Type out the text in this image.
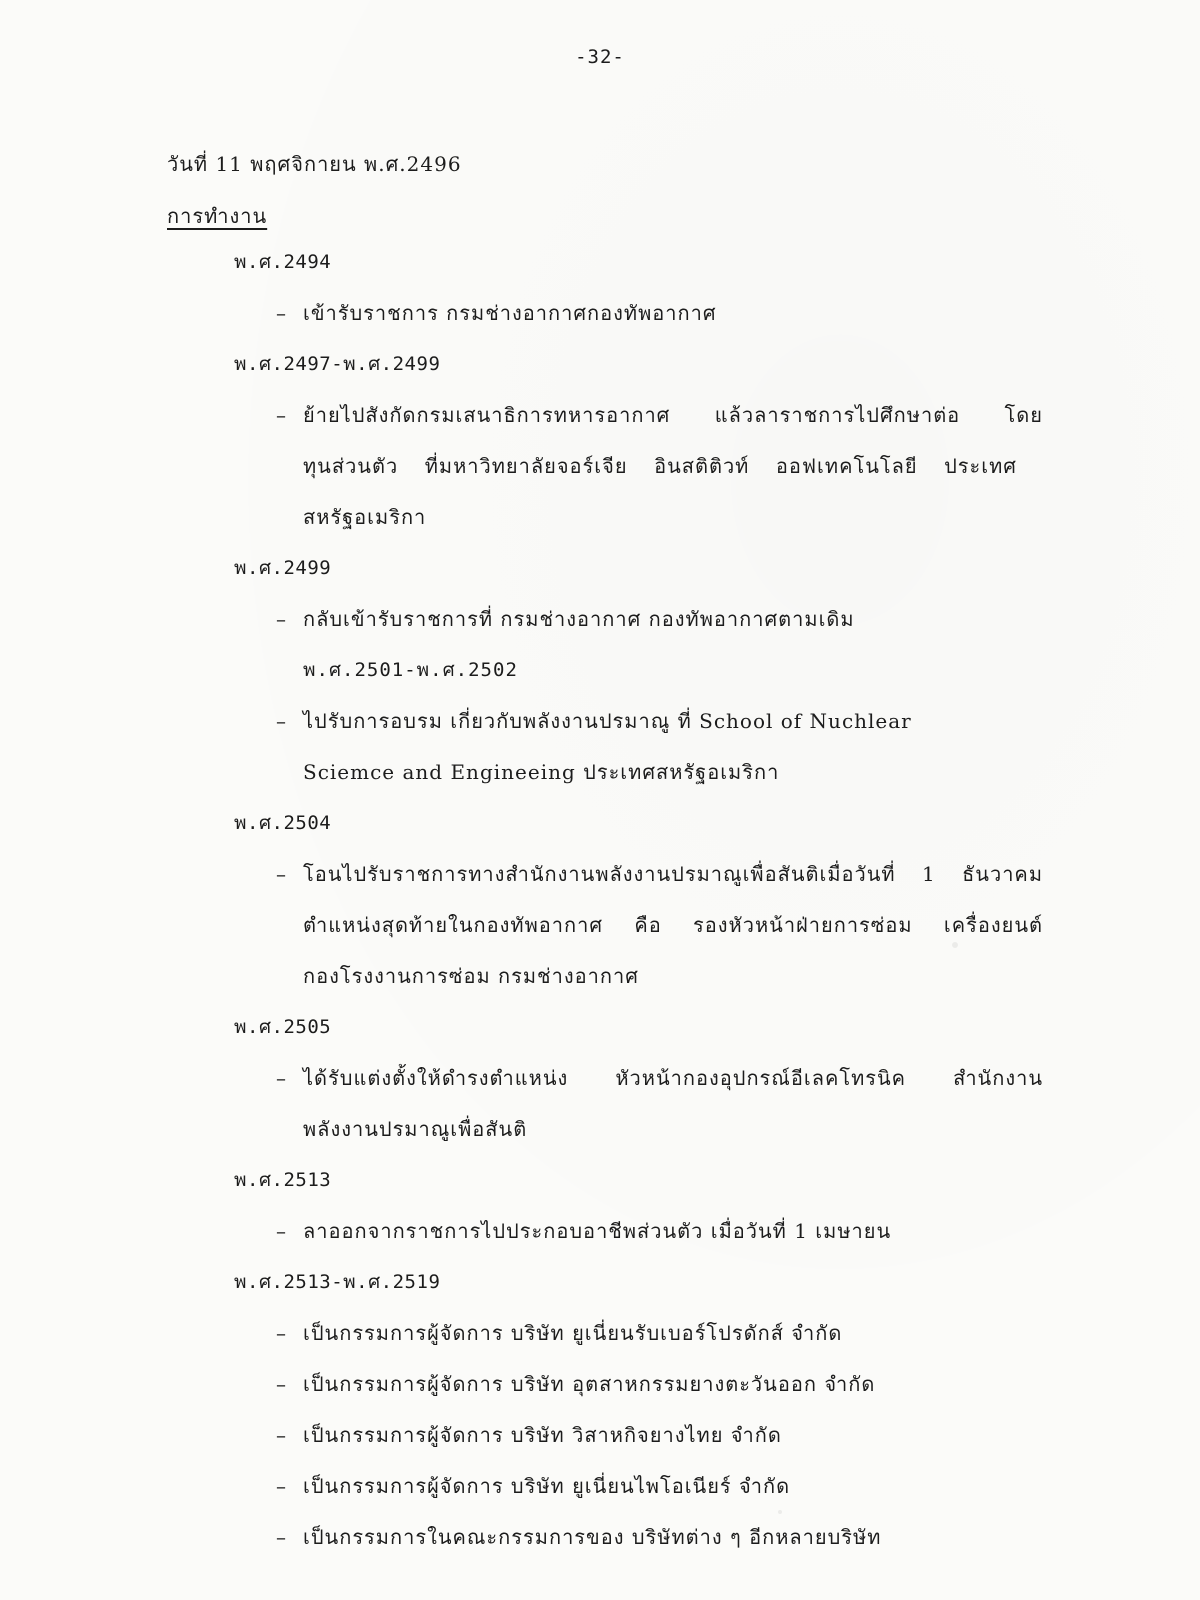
-32-
วันที่ 11 พฤศจิกายน พ.ศ.2496
การทำงาน
พ.ศ.2494
– เข้ารับราชการ กรมช่างอากาศกองทัพอากาศ
พ.ศ.2497-พ.ศ.2499
– ย้ายไปสังกัดกรมเสนาธิการทหารอากาศ แล้วลาราชการไปศึกษาต่อ โดย
ทุนส่วนตัว ที่มหาวิทยาลัยจอร์เจีย อินสติติวท์ ออฟเทคโนโลยี ประเทศ
สหรัฐอเมริกา
พ.ศ.2499
– กลับเข้ารับราชการที่ กรมช่างอากาศ กองทัพอากาศตามเดิม
พ.ศ.2501-พ.ศ.2502
– ไปรับการอบรม เกี่ยวกับพลังงานปรมาณู ที่ School of Nuchlear
Sciemce and Engineeing ประเทศสหรัฐอเมริกา
พ.ศ.2504
– โอนไปรับราชการทางสำนักงานพลังงานปรมาณูเพื่อสันติเมื่อวันที่ 1 ธันวาคม
ตำแหน่งสุดท้ายในกองทัพอากาศ คือ รองหัวหน้าฝ่ายการซ่อม เครื่องยนต์
กองโรงงานการซ่อม กรมช่างอากาศ
พ.ศ.2505
– ได้รับแต่งตั้งให้ดำรงตำแหน่ง หัวหน้ากองอุปกรณ์อีเลคโทรนิค สำนักงาน
พลังงานปรมาณูเพื่อสันติ
พ.ศ.2513
– ลาออกจากราชการไปประกอบอาชีพส่วนตัว เมื่อวันที่ 1 เมษายน
พ.ศ.2513-พ.ศ.2519
– เป็นกรรมการผู้จัดการ บริษัท ยูเนี่ยนรับเบอร์โปรดักส์ จำกัด
– เป็นกรรมการผู้จัดการ บริษัท อุตสาหกรรมยางตะวันออก จำกัด
– เป็นกรรมการผู้จัดการ บริษัท วิสาหกิจยางไทย จำกัด
– เป็นกรรมการผู้จัดการ บริษัท ยูเนี่ยนไพโอเนียร์ จำกัด
– เป็นกรรมการในคณะกรรมการของ บริษัทต่าง ๆ อีกหลายบริษัท
